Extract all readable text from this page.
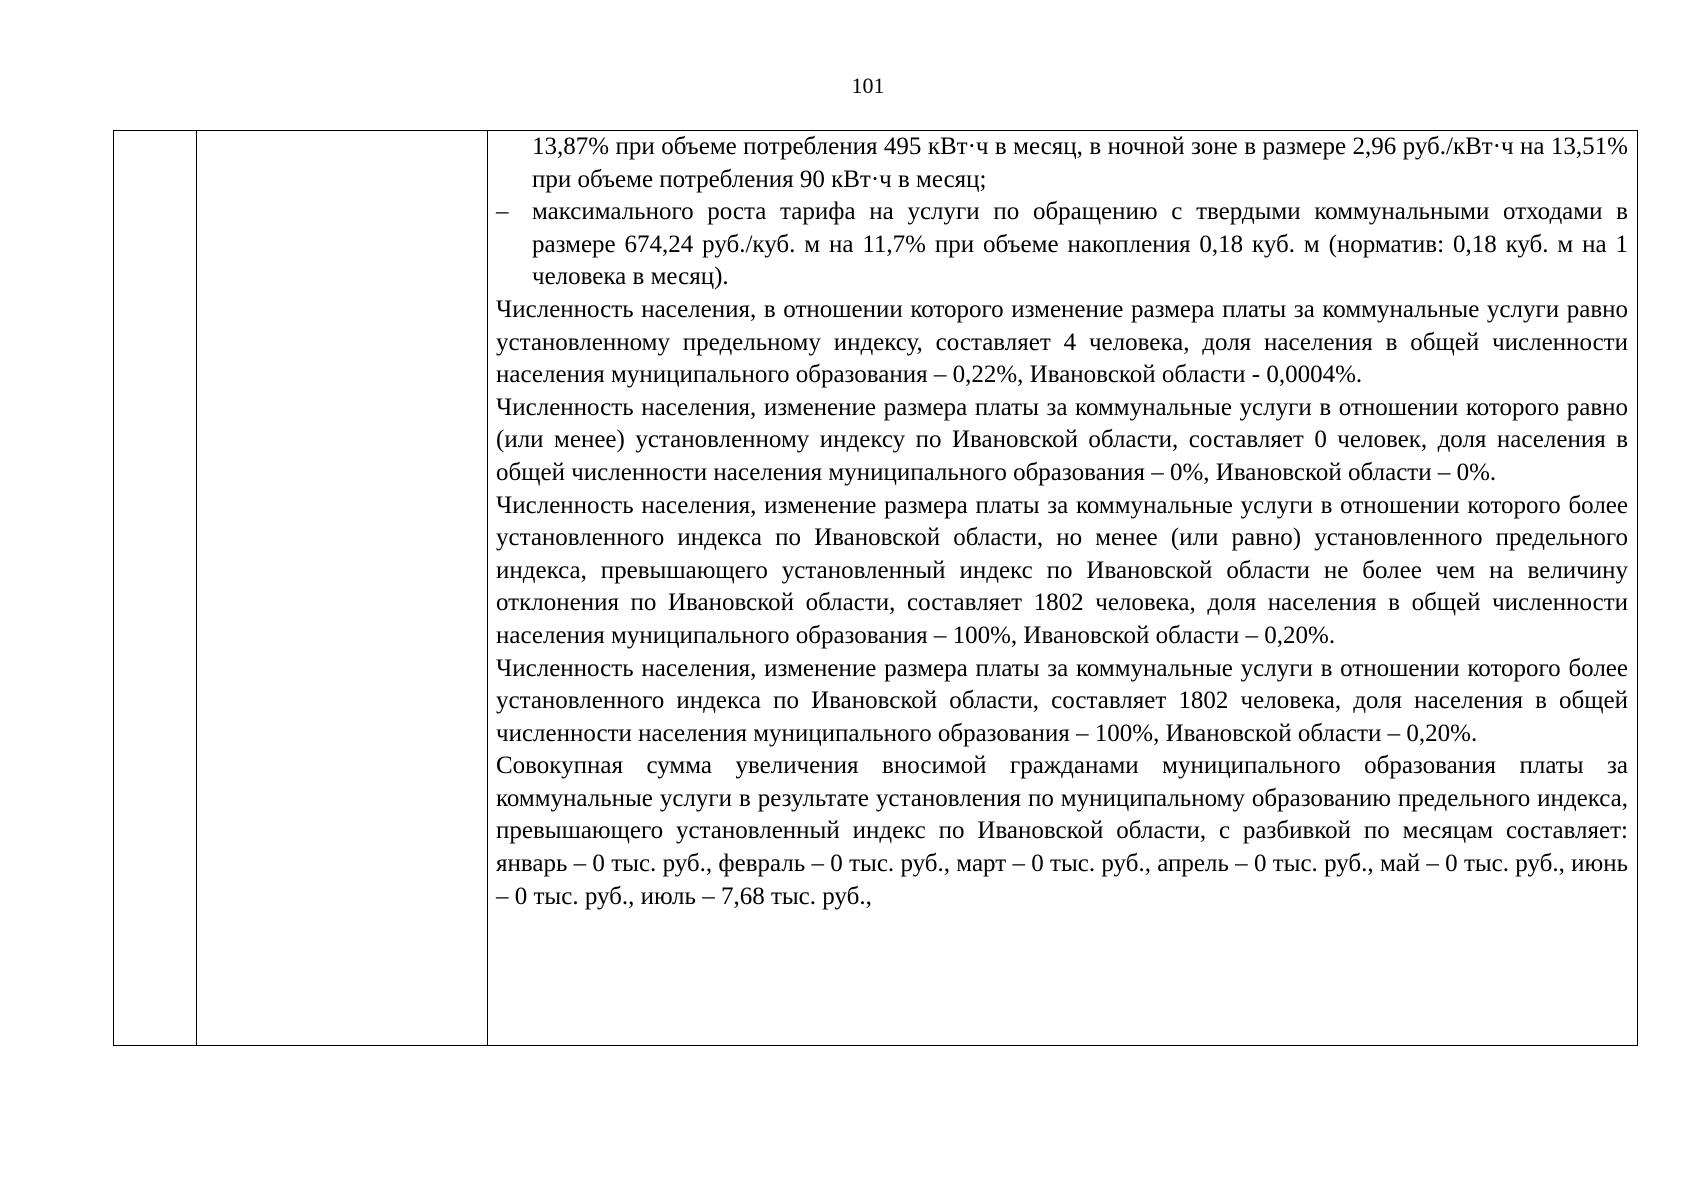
101

13,87% при объеме потребления 495 кВт·ч в месяц, в ночной зоне в размере 2,96 руб./кВт·ч на 13,51% при объеме потребления 90 кВт·ч в месяц;

– максимального роста тарифа на услуги по обращению с твердыми коммунальными отходами в размере 674,24 руб./куб. м на 11,7% при объеме накопления 0,18 куб. м (норматив: 0,18 куб. м на 1 человека в месяц).

Численность населения, в отношении которого изменение размера платы за коммунальные услуги равно установленному предельному индексу, составляет 4 человека, доля населения в общей численности населения муниципального образования – 0,22%, Ивановской области - 0,0004%.

Численность населения, изменение размера платы за коммунальные услуги в отношении которого равно (или менее) установленному индексу по Ивановской области, составляет 0 человек, доля населения в общей численности населения муниципального образования – 0%, Ивановской области – 0%.

Численность населения, изменение размера платы за коммунальные услуги в отношении которого более установленного индекса по Ивановской области, но менее (или равно) установленного предельного индекса, превышающего установленный индекс по Ивановской области не более чем на величину отклонения по Ивановской области, составляет 1802 человека, доля населения в общей численности населения муниципального образования – 100%, Ивановской области – 0,20%.

Численность населения, изменение размера платы за коммунальные услуги в отношении которого более установленного индекса по Ивановской области, составляет 1802 человека, доля населения в общей численности населения муниципального образования – 100%, Ивановской области – 0,20%.

Совокупная сумма увеличения вносимой гражданами муниципального образования платы за коммунальные услуги в результате установления по муниципальному образованию предельного индекса, превышающего установленный индекс по Ивановской области, с разбивкой по месяцам составляет: январь – 0 тыс. руб., февраль – 0 тыс. руб., март – 0 тыс. руб., апрель – 0 тыс. руб., май – 0 тыс. руб., июнь – 0 тыс. руб., июль – 7,68 тыс. руб.,
